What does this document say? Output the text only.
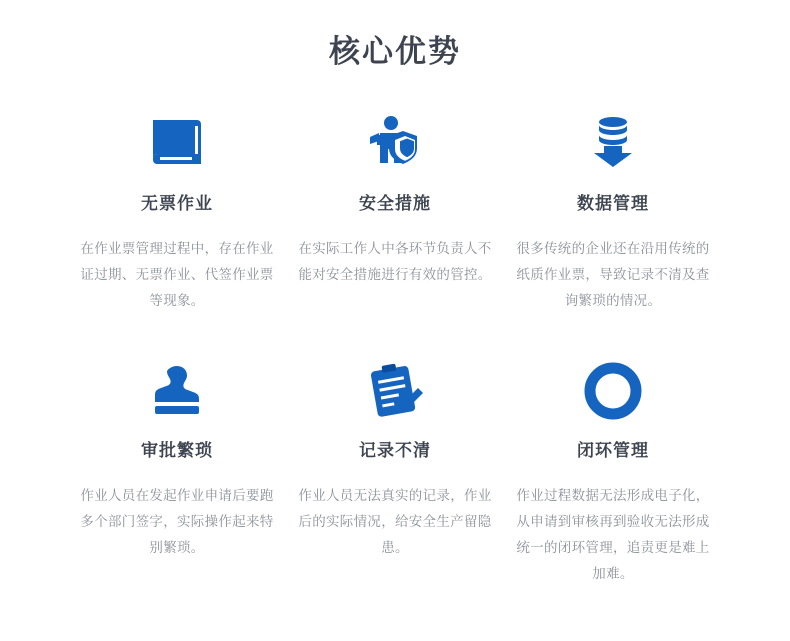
核心优势
无票作业
在作业票管理过程中，存在作业证过期、无票作业、代签作业票等现象。
安全措施
在实际工作人中各环节负责人不能对安全措施进行有效的管控。
数据管理
很多传统的企业还在沿用传统的纸质作业票，导致记录不清及查询繁琐的情况。
审批繁琐
作业人员在发起作业申请后要跑多个部门签字，实际操作起来特别繁琐。
记录不清
作业人员无法真实的记录，作业后的实际情况，给安全生产留隐患。
闭环管理
作业过程数据无法形成电子化，从申请到审核再到验收无法形成统一的闭环管理，追责更是难上加难。
